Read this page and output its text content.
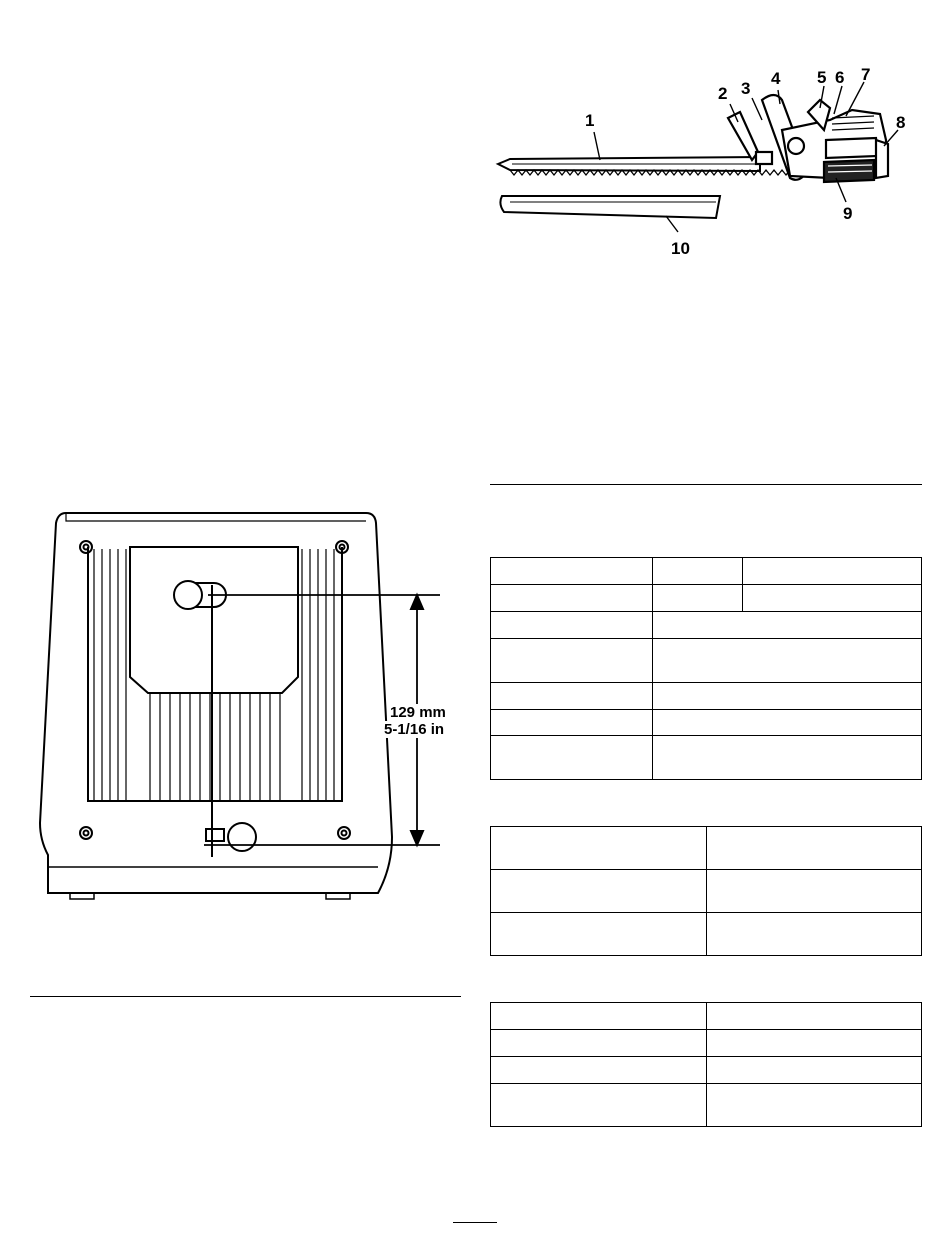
1
2 3
4 5 6 7
8
9
10
129 mm
5-1/16 in
